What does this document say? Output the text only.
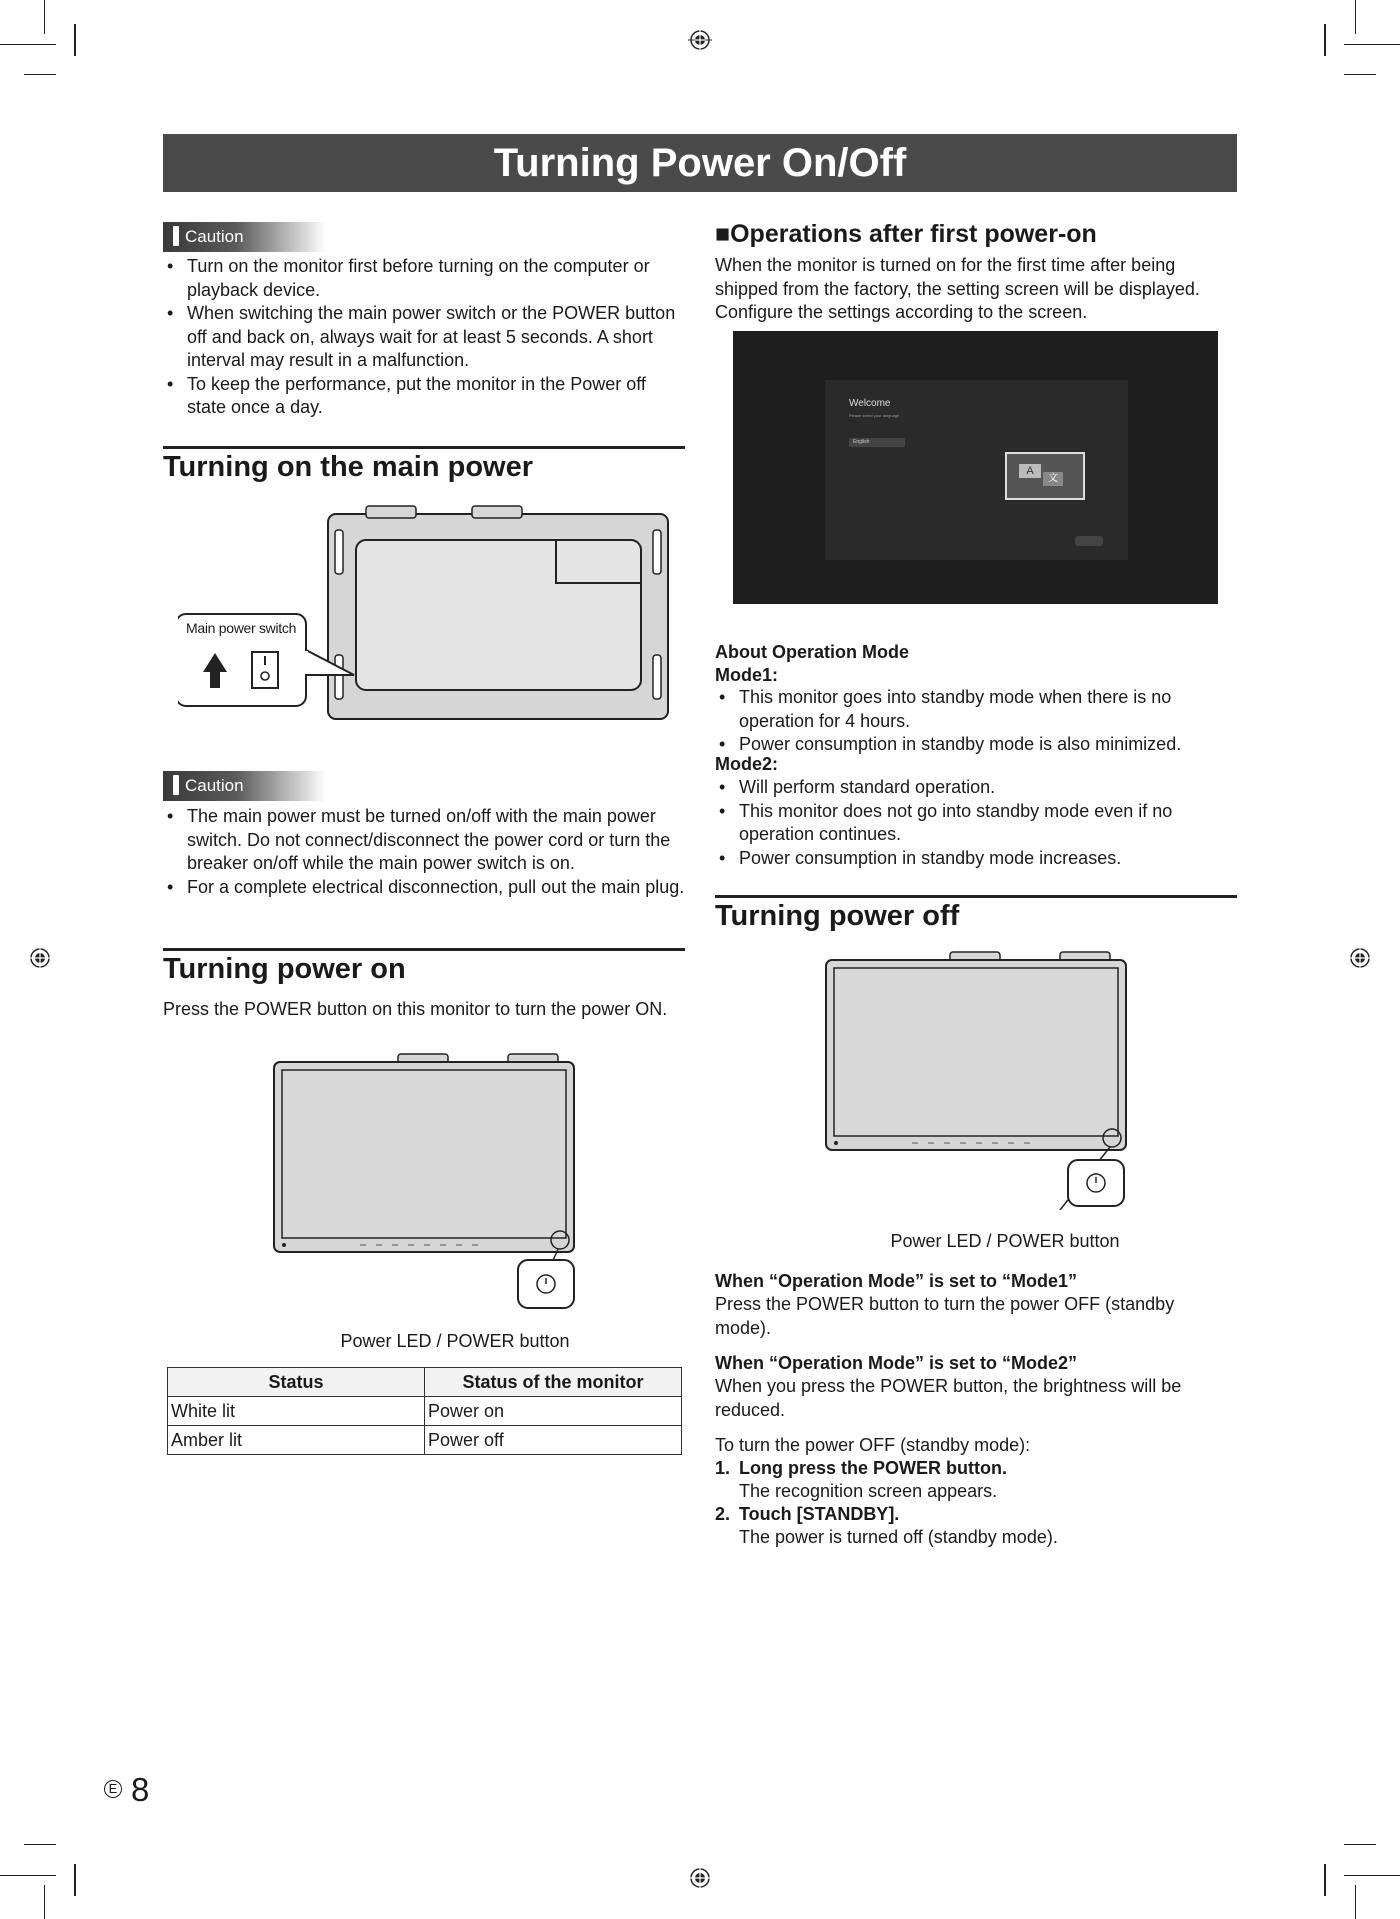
Turning Power On/Off
Caution
• Turn on the monitor first before turning on the computer or playback device.
• When switching the main power switch or the POWER button off and back on, always wait for at least 5 seconds. A short interval may result in a malfunction.
• To keep the performance, put the monitor in the Power off state once a day.
Turning on the main power
Main power switch
Caution
• The main power must be turned on/off with the main power switch. Do not connect/disconnect the power cord or turn the breaker on/off while the main power switch is on.
• For a complete electrical disconnection, pull out the main plug.
Turning power on
Press the POWER button on this monitor to turn the power ON.
Power LED / POWER button
Status	Status of the monitor
White lit	Power on
Amber lit	Power off
■Operations after first power-on
When the monitor is turned on for the first time after being shipped from the factory, the setting screen will be displayed. Configure the settings according to the screen.
Welcome
Please select your language
English
A
文
About Operation Mode
Mode1:
• This monitor goes into standby mode when there is no operation for 4 hours.
• Power consumption in standby mode is also minimized.
Mode2:
• Will perform standard operation.
• This monitor does not go into standby mode even if no operation continues.
• Power consumption in standby mode increases.
Turning power off
Power LED / POWER button
When “Operation Mode” is set to “Mode1”
Press the POWER button to turn the power OFF (standby mode).
When “Operation Mode” is set to “Mode2”
When you press the POWER button, the brightness will be reduced.
To turn the power OFF (standby mode):
1. Long press the POWER button.
The recognition screen appears.
2. Touch [STANDBY].
The power is turned off (standby mode).
E 8
